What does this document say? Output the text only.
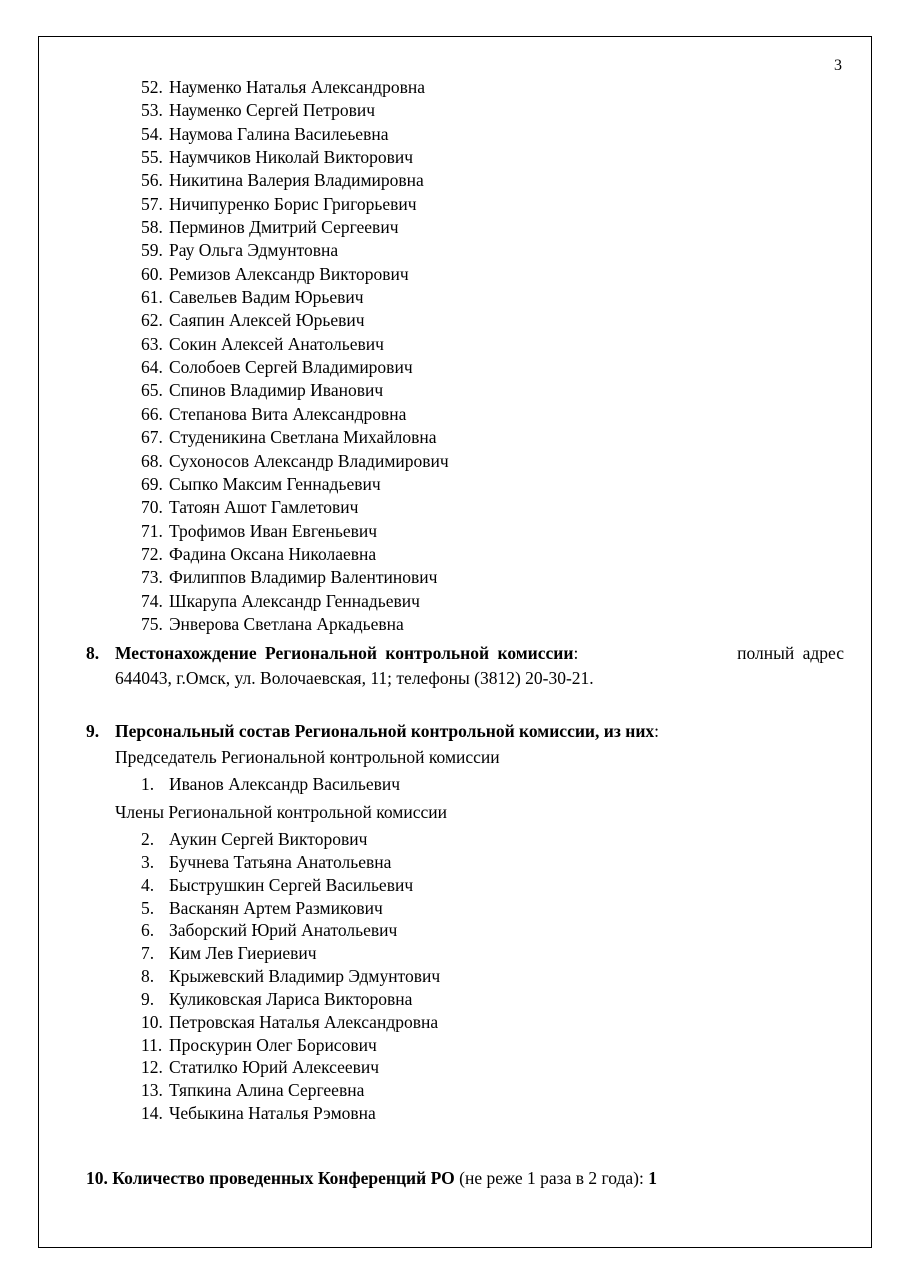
3
52. Науменко Наталья Александровна
53. Науменко Сергей Петрович
54. Наумова Галина Василеьевна
55. Наумчиков Николай Викторович
56. Никитина Валерия Владимировна
57. Ничипуренко Борис Григорьевич
58. Перминов Дмитрий Сергеевич
59. Рау Ольга Эдмунтовна
60. Ремизов Александр Викторович
61. Савельев Вадим Юрьевич
62. Саяпин Алексей Юрьевич
63. Сокин Алексей Анатольевич
64. Солобоев Сергей Владимирович
65. Спинов Владимир Иванович
66. Степанова Вита Александровна
67. Студеникина Светлана Михайловна
68. Сухоносов Александр Владимирович
69. Сыпко Максим Геннадьевич
70. Татоян Ашот Гамлетович
71. Трофимов Иван Евгеньевич
72. Фадина Оксана Николаевна
73. Филиппов Владимир Валентинович
74. Шкарупа Александр Геннадьевич
75. Энверова Светлана Аркадьевна
8. Местонахождение Региональной контрольной комиссии:	полный адрес
644043, г.Омск, ул. Волочаевская, 11; телефоны (3812) 20-30-21.
9. Персональный состав Региональной контрольной комиссии, из них:
Председатель Региональной контрольной комиссии
1. Иванов Александр Васильевич
Члены Региональной контрольной комиссии
2. Аукин Сергей Викторович
3. Бучнева Татьяна Анатольевна
4. Быструшкин Сергей Васильевич
5. Васканян Артем Размикович
6. Заборский Юрий Анатольевич
7. Ким Лев Гиериевич
8. Крыжевский Владимир Эдмунтович
9. Куликовская Лариса Викторовна
10. Петровская Наталья Александровна
11. Проскурин Олег Борисович
12. Статилко Юрий Алексеевич
13. Тяпкина Алина Сергеевна
14. Чебыкина Наталья Рэмовна
10. Количество проведенных Конференций РО (не реже 1 раза в 2 года): 1
